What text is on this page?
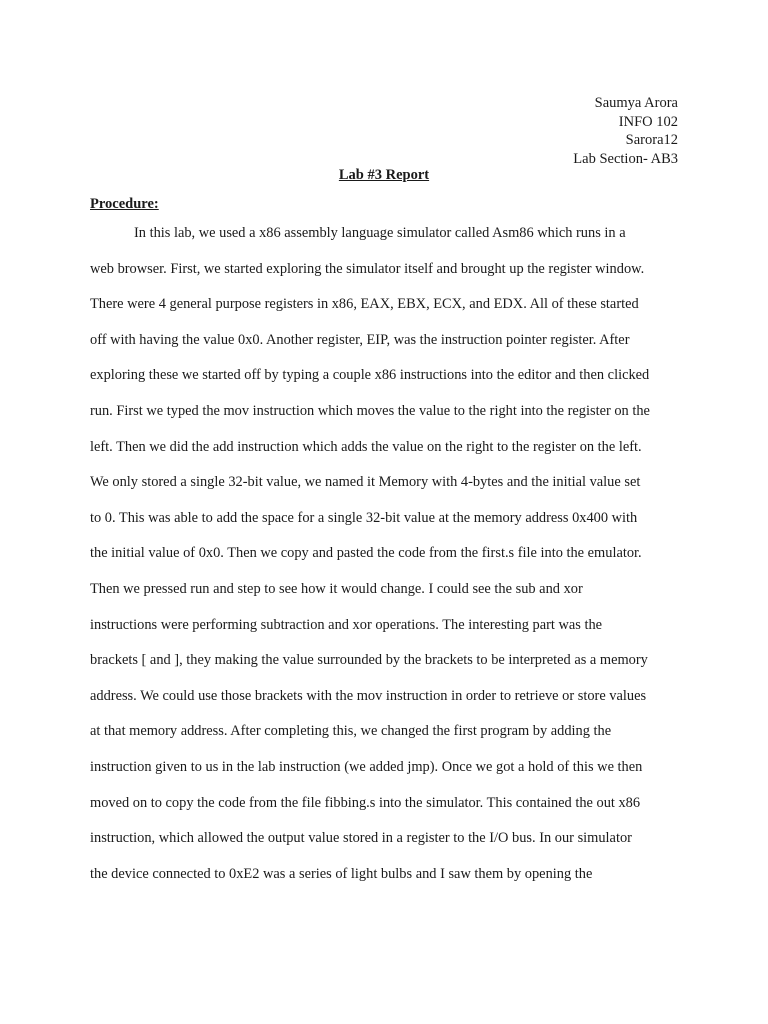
Saumya Arora
INFO 102
Sarora12
Lab Section- AB3
Lab #3 Report
Procedure:
In this lab, we used a x86 assembly language simulator called Asm86 which runs in a
web browser. First, we started exploring the simulator itself and brought up the register window.
There were 4 general purpose registers in x86, EAX, EBX, ECX, and EDX. All of these started
off with having the value 0x0. Another register, EIP, was the instruction pointer register. After
exploring these we started off by typing a couple x86 instructions into the editor and then clicked
run. First we typed the mov instruction which moves the value to the right into the register on the
left. Then we did the add instruction which adds the value on the right to the register on the left.
We only stored a single 32-bit value, we named it Memory with 4-bytes and the initial value set
to 0. This was able to add the space for a single 32-bit value at the memory address 0x400 with
the initial value of 0x0. Then we copy and pasted the code from the first.s file into the emulator.
Then we pressed run and step to see how it would change. I could see the sub and xor
instructions were performing subtraction and xor operations. The interesting part was the
brackets [ and ], they making the value surrounded by the brackets to be interpreted as a memory
address. We could use those brackets with the mov instruction in order to retrieve or store values
at that memory address. After completing this, we changed the first program by adding the
instruction given to us in the lab instruction (we added jmp). Once we got a hold of this we then
moved on to copy the code from the file fibbing.s into the simulator. This contained the out x86
instruction, which allowed the output value stored in a register to the I/O bus. In our simulator
the device connected to 0xE2 was a series of light bulbs and I saw them by opening the
